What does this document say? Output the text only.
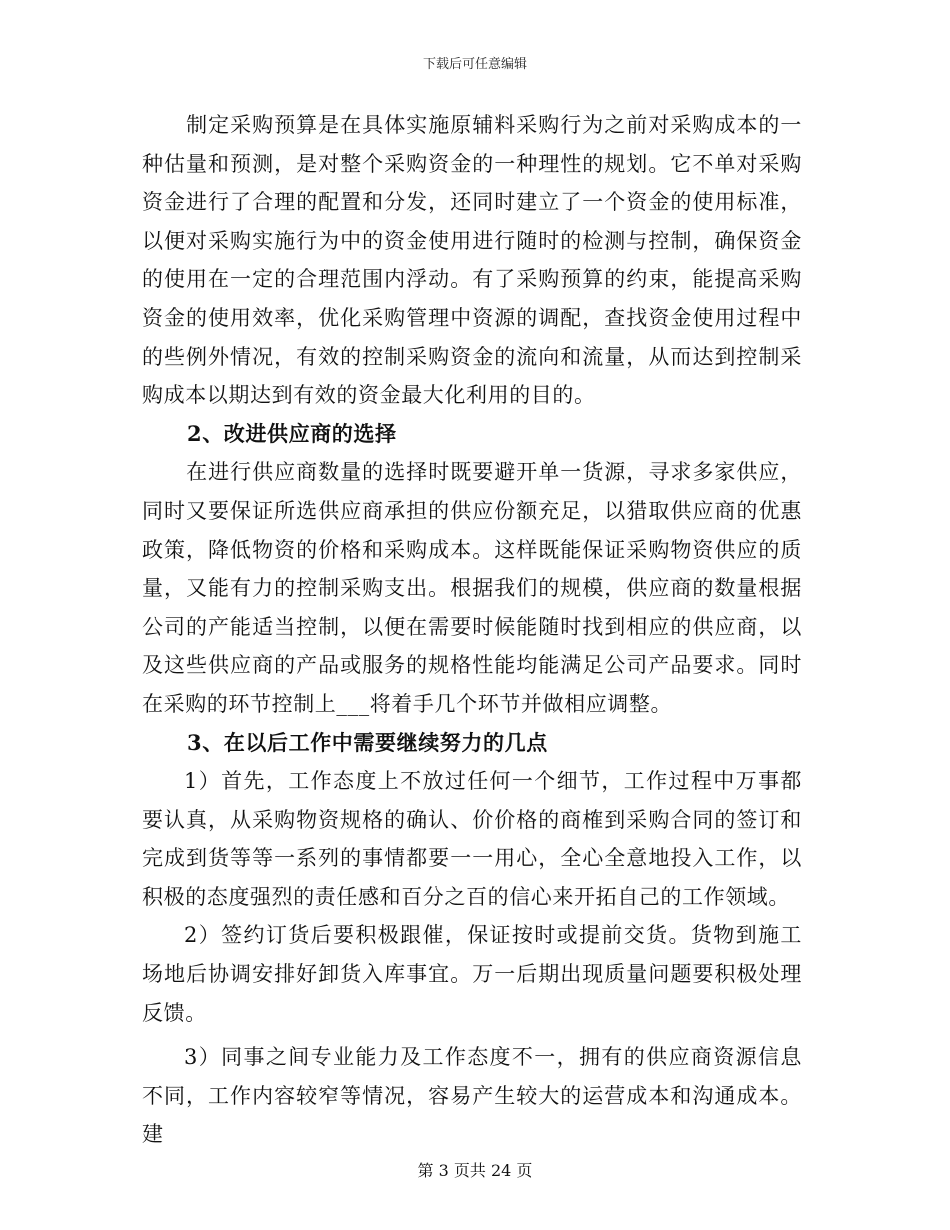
下载后可任意编辑

制定采购预算是在具体实施原辅料采购行为之前对采购成本的一种估量和预测，是对整个采购资金的一种理性的规划。它不单对采购资金进行了合理的配置和分发，还同时建立了一个资金的使用标准，以便对采购实施行为中的资金使用进行随时的检测与控制，确保资金的使用在一定的合理范围内浮动。有了采购预算的约束，能提高采购资金的使用效率，优化采购管理中资源的调配，查找资金使用过程中的些例外情况，有效的控制采购资金的流向和流量，从而达到控制采购成本以期达到有效的资金最大化利用的目的。

2、改进供应商的选择

在进行供应商数量的选择时既要避开单一货源，寻求多家供应，同时又要保证所选供应商承担的供应份额充足，以猎取供应商的优惠政策，降低物资的价格和采购成本。这样既能保证采购物资供应的质量，又能有力的控制采购支出。根据我们的规模，供应商的数量根据公司的产能适当控制，以便在需要时候能随时找到相应的供应商，以及这些供应商的产品或服务的规格性能均能满足公司产品要求。同时在采购的环节控制上___将着手几个环节并做相应调整。

3、在以后工作中需要继续努力的几点

1）首先，工作态度上不放过任何一个细节，工作过程中万事都要认真，从采购物资规格的确认、价价格的商榷到采购合同的签订和完成到货等等一系列的事情都要一一用心，全心全意地投入工作，以积极的态度强烈的责任感和百分之百的信心来开拓自己的工作领域。

2）签约订货后要积极跟催，保证按时或提前交货。货物到施工场地后协调安排好卸货入库事宜。万一后期出现质量问题要积极处理反馈。

3）同事之间专业能力及工作态度不一，拥有的供应商资源信息不同，工作内容较窄等情况，容易产生较大的运营成本和沟通成本。建

第 3 页共 24 页
